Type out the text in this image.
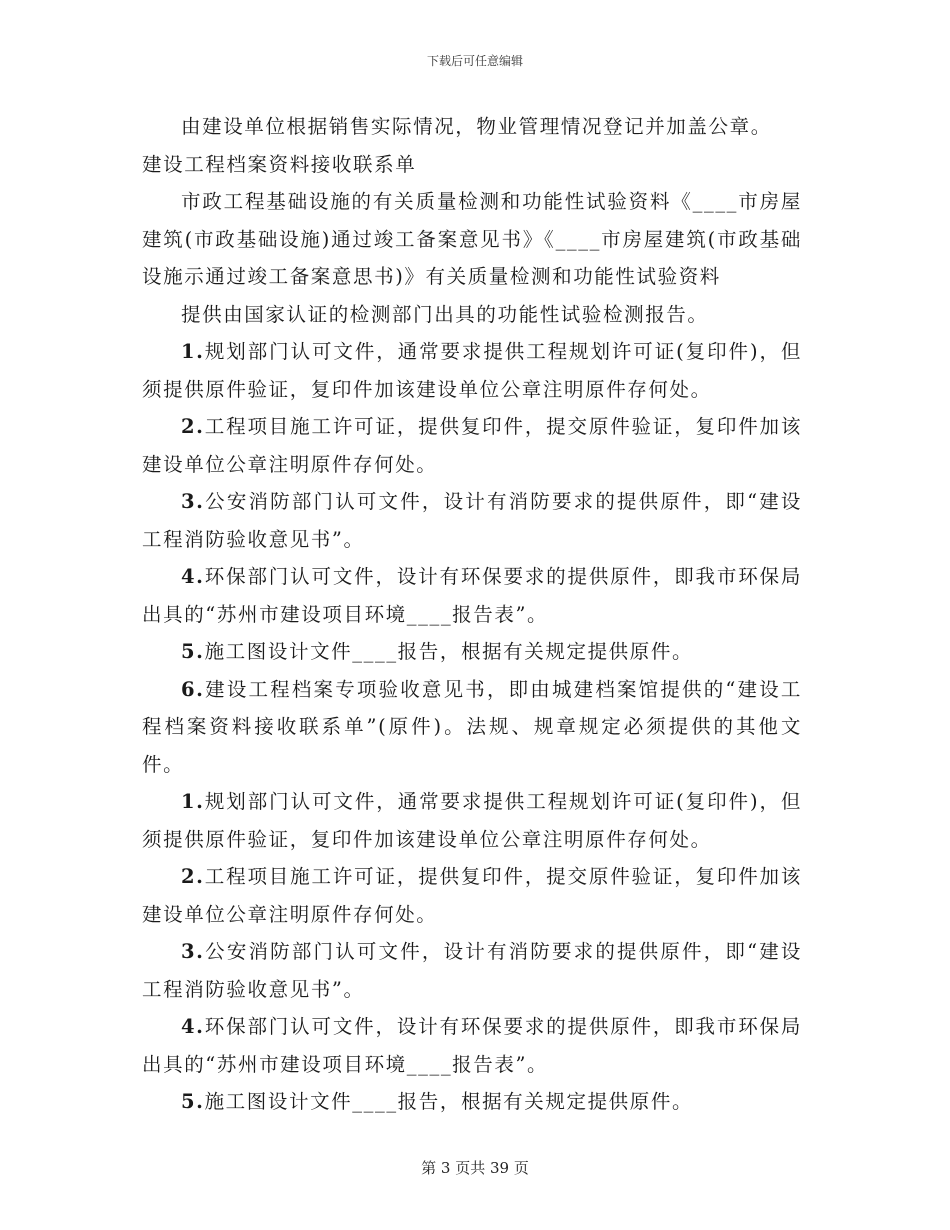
下载后可任意编辑

由建设单位根据销售实际情况，物业管理情况登记并加盖公章。

建设工程档案资料接收联系单

市政工程基础设施的有关质量检测和功能性试验资料《____市房屋建筑(市政基础设施)通过竣工备案意见书》《____市房屋建筑(市政基础设施示通过竣工备案意思书)》有关质量检测和功能性试验资料

提供由国家认证的检测部门出具的功能性试验检测报告。

1.规划部门认可文件，通常要求提供工程规划许可证(复印件)，但须提供原件验证，复印件加该建设单位公章注明原件存何处。

2.工程项目施工许可证，提供复印件，提交原件验证，复印件加该建设单位公章注明原件存何处。

3.公安消防部门认可文件，设计有消防要求的提供原件，即“建设工程消防验收意见书”。

4.环保部门认可文件，设计有环保要求的提供原件，即我市环保局出具的“苏州市建设项目环境____报告表”。

5.施工图设计文件____报告，根据有关规定提供原件。

6.建设工程档案专项验收意见书，即由城建档案馆提供的“建设工程档案资料接收联系单”(原件)。法规、规章规定必须提供的其他文件。

1.规划部门认可文件，通常要求提供工程规划许可证(复印件)，但须提供原件验证，复印件加该建设单位公章注明原件存何处。

2.工程项目施工许可证，提供复印件，提交原件验证，复印件加该建设单位公章注明原件存何处。

3.公安消防部门认可文件，设计有消防要求的提供原件，即“建设工程消防验收意见书”。

4.环保部门认可文件，设计有环保要求的提供原件，即我市环保局出具的“苏州市建设项目环境____报告表”。

5.施工图设计文件____报告，根据有关规定提供原件。

第 3 页共 39 页
